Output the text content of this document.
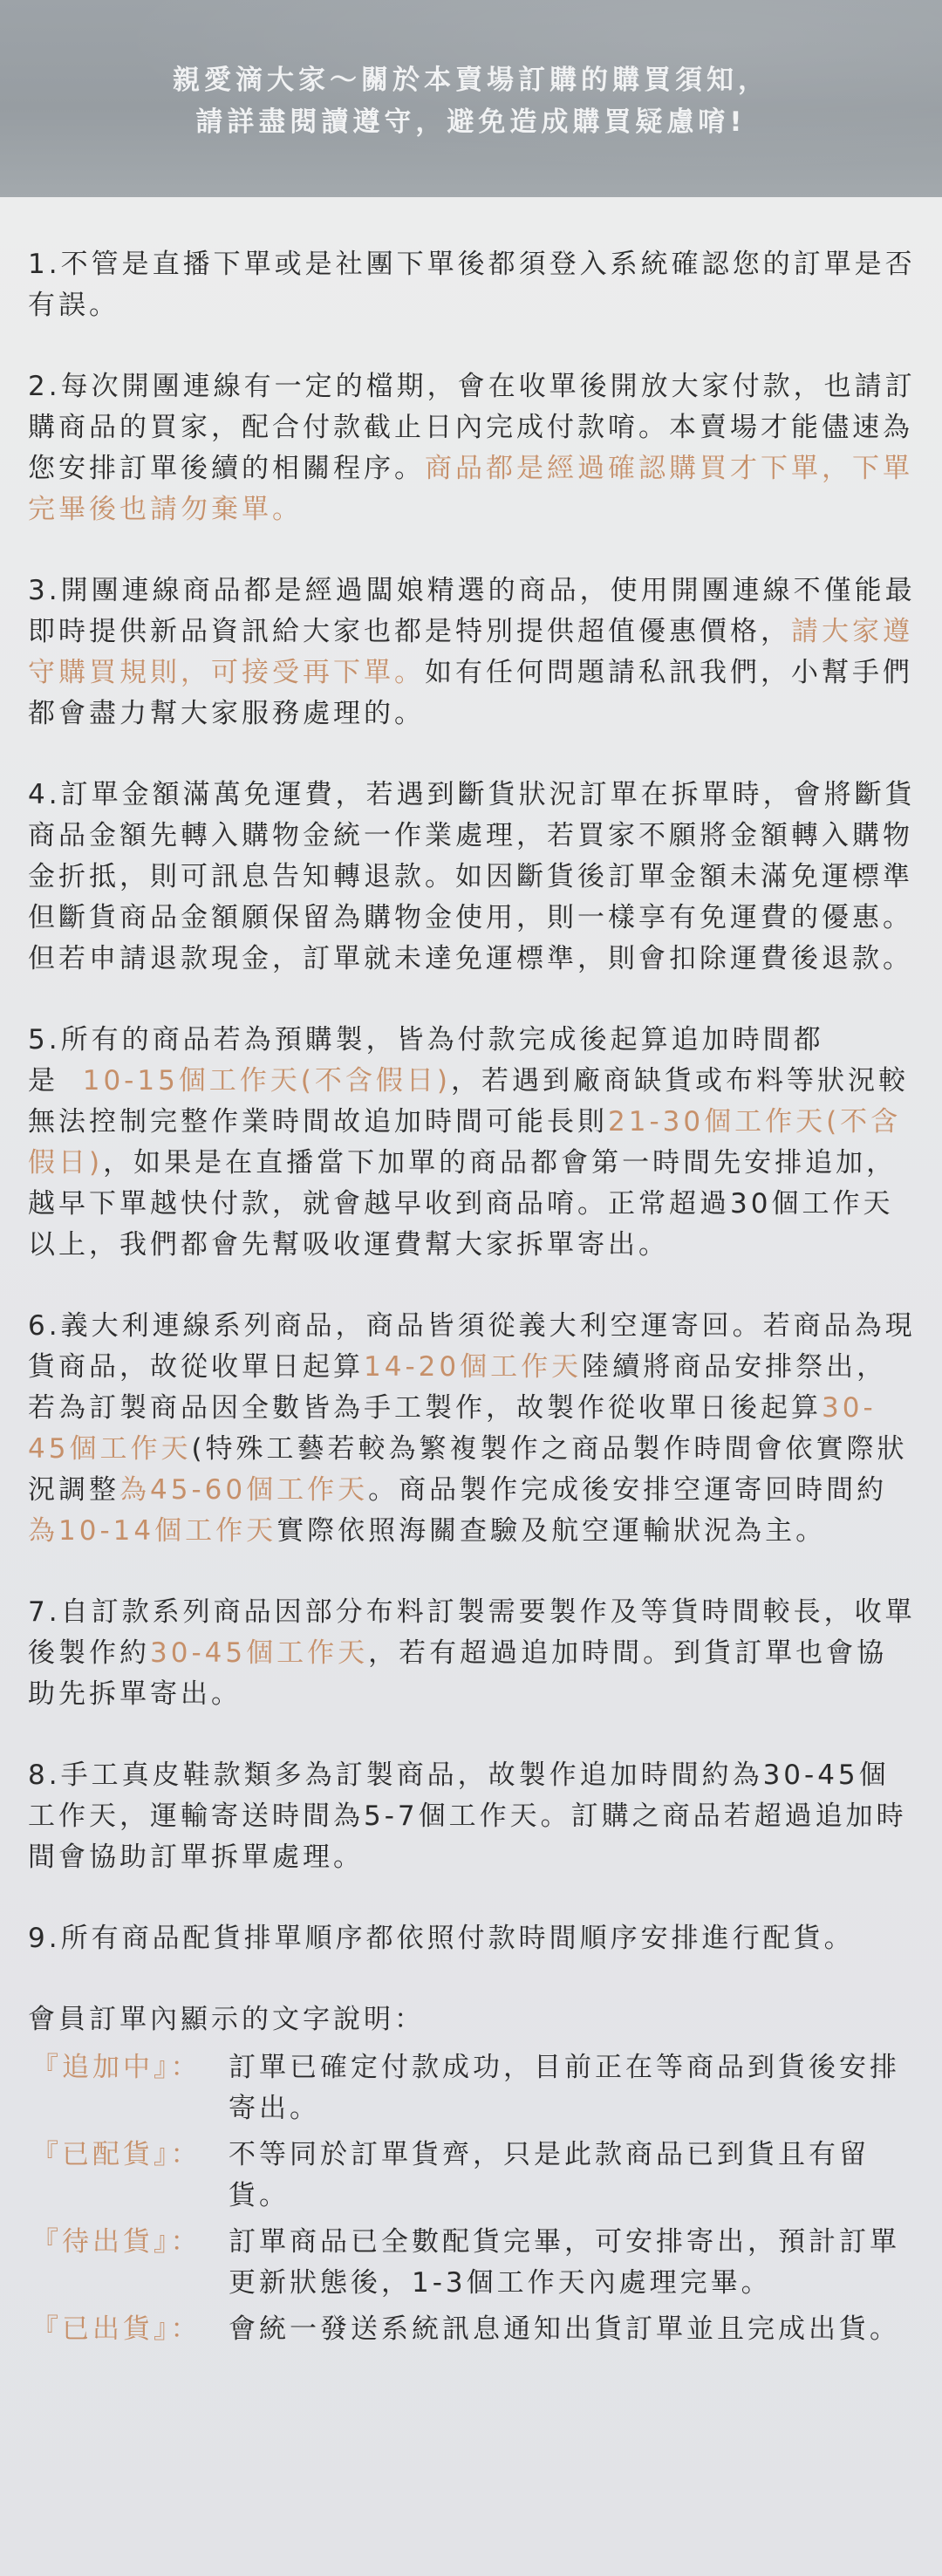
親愛滴大家～關於本賣場訂購的購買須知，
請詳盡閱讀遵守，避免造成購買疑慮唷!

1.不管是直播下單或是社團下單後都須登入系統確認您的訂單是否有誤。

2.每次開團連線有一定的檔期，會在收單後開放大家付款，也請訂購商品的買家，配合付款截止日內完成付款唷。本賣場才能儘速為您安排訂單後續的相關程序。商品都是經過確認購買才下單，下單完畢後也請勿棄單。

3.開團連線商品都是經過闆娘精選的商品，使用開團連線不僅能最即時提供新品資訊給大家也都是特別提供超值優惠價格，請大家遵守購買規則，可接受再下單。如有任何問題請私訊我們，小幫手們都會盡力幫大家服務處理的。

4.訂單金額滿萬免運費，若遇到斷貨狀況訂單在拆單時，會將斷貨商品金額先轉入購物金統一作業處理，若買家不願將金額轉入購物金折抵，則可訊息告知轉退款。如因斷貨後訂單金額未滿免運標準但斷貨商品金額願保留為購物金使用，則一樣享有免運費的優惠。但若申請退款現金，訂單就未達免運標準，則會扣除運費後退款。

5.所有的商品若為預購製，皆為付款完成後起算追加時間都是 10-15個工作天(不含假日)，若遇到廠商缺貨或布料等狀況較無法控制完整作業時間故追加時間可能長則21-30個工作天(不含假日)，如果是在直播當下加單的商品都會第一時間先安排追加，越早下單越快付款，就會越早收到商品唷。正常超過30個工作天以上，我們都會先幫吸收運費幫大家拆單寄出。

6.義大利連線系列商品，商品皆須從義大利空運寄回。若商品為現貨商品，故從收單日起算14-20個工作天陸續將商品安排祭出，若為訂製商品因全數皆為手工製作，故製作從收單日後起算30-45個工作天(特殊工藝若較為繁複製作之商品製作時間會依實際狀況調整為45-60個工作天。商品製作完成後安排空運寄回時間約為10-14個工作天實際依照海關查驗及航空運輸狀況為主。

7.自訂款系列商品因部分布料訂製需要製作及等貨時間較長，收單後製作約30-45個工作天，若有超過追加時間。到貨訂單也會協助先拆單寄出。

8.手工真皮鞋款類多為訂製商品，故製作追加時間約為30-45個工作天，運輸寄送時間為5-7個工作天。訂購之商品若超過追加時間會協助訂單拆單處理。

9.所有商品配貨排單順序都依照付款時間順序安排進行配貨。

會員訂單內顯示的文字說明：

『追加中』：	訂單已確定付款成功，目前正在等商品到貨後安排寄出。
『已配貨』：	不等同於訂單貨齊，只是此款商品已到貨且有留貨。
『待出貨』：	訂單商品已全數配貨完畢，可安排寄出，預計訂單更新狀態後，1-3個工作天內處理完畢。
『已出貨』：	會統一發送系統訊息通知出貨訂單並且完成出貨。
